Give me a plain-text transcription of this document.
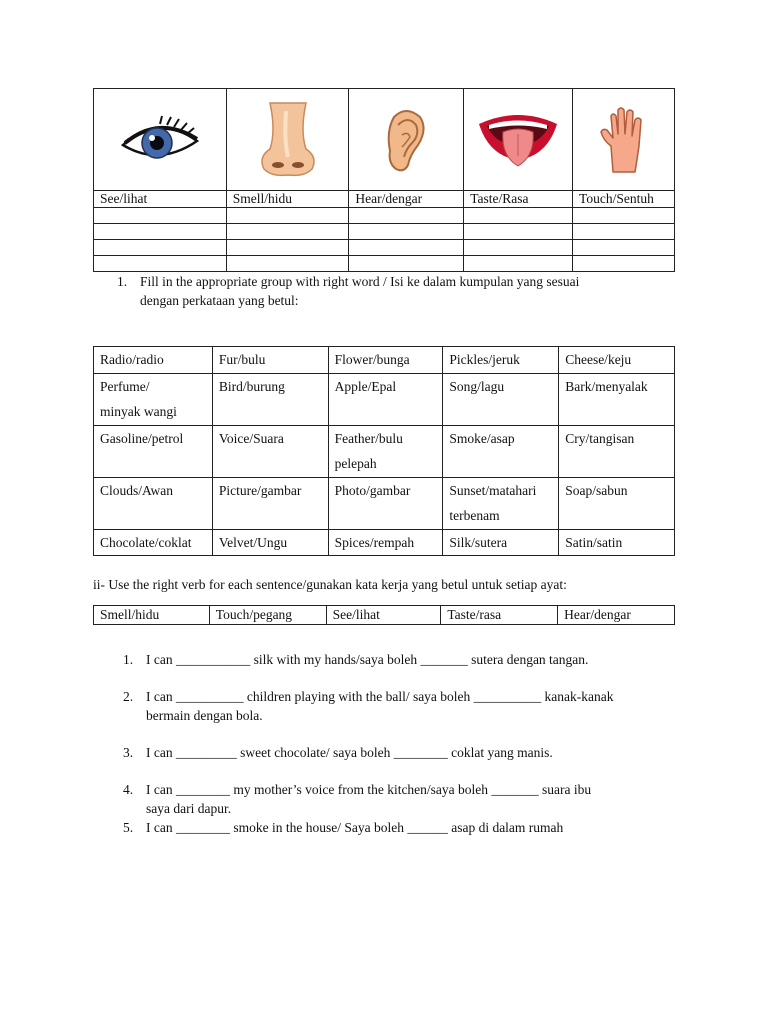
See/lihat	Smell/hidu	Hear/dengar	Taste/Rasa	Touch/Sentuh

1. Fill in the appropriate group with right word / Isi ke dalam kumpulan yang sesuai
dengan perkataan yang betul:
Radio/radio	Fur/bulu	Flower/bunga	Pickles/jeruk	Cheese/keju

Perfume/
minyak wangi	Bird/burung	Apple/Epal	Song/lagu	Bark/menyalak

Gasoline/petrol	Voice/Suara	Feather/bulu
pelepah	Smoke/asap	Cry/tangisan

Clouds/Awan	Picture/gambar	Photo/gambar	Sunset/matahari
terbenam	Soap/sabun

Chocolate/coklat	Velvet/Ungu	Spices/rempah	Silk/sutera	Satin/satin
ii- Use the right verb for each sentence/gunakan kata kerja yang betul untuk setiap ayat:
Smell/hidu	Touch/pegang	See/lihat	Taste/rasa	Hear/dengar
1. I can ___________ silk with my hands/saya boleh _______ sutera dengan tangan.
2. I can __________ children playing with the ball/ saya boleh __________ kanak-kanak
bermain dengan bola.
3. I can _________ sweet chocolate/ saya boleh ________ coklat yang manis.
4. I can ________ my mother’s voice from the kitchen/saya boleh _______ suara ibu
saya dari dapur.
5. I can ________ smoke in the house/ Saya boleh ______ asap di dalam rumah
